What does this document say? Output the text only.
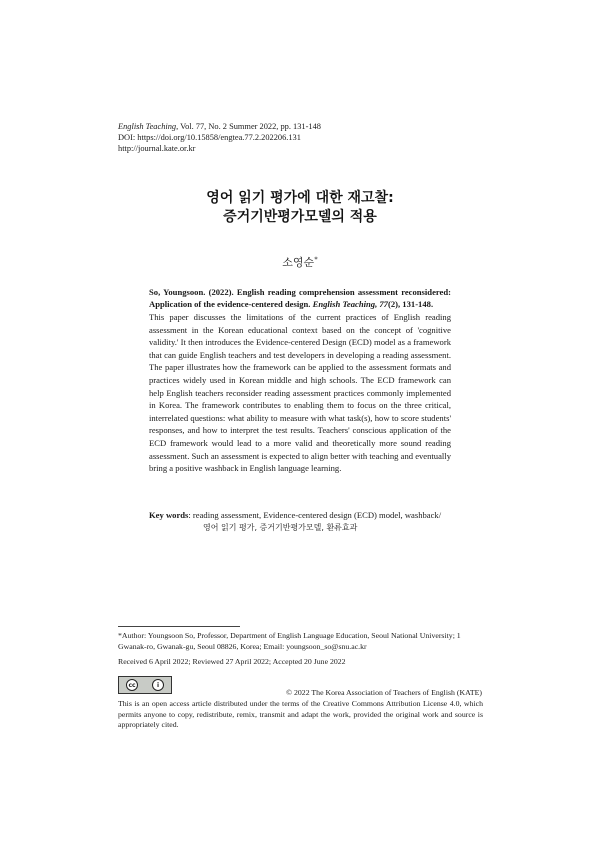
English Teaching, Vol. 77, No. 2 Summer 2022, pp. 131-148
DOI: https://doi.org/10.15858/engtea.77.2.202206.131
http://journal.kate.or.kr
영어 읽기 평가에 대한 재고찰:
증거기반평가모델의 적용
소영순*
So, Youngsoon. (2022). English reading comprehension assessment reconsidered: Application of the evidence-centered design. English Teaching, 77(2), 131-148.
This paper discusses the limitations of the current practices of English reading assessment in the Korean educational context based on the concept of 'cognitive validity.' It then introduces the Evidence-centered Design (ECD) model as a framework that can guide English teachers and test developers in developing a reading assessment. The paper illustrates how the framework can be applied to the assessment formats and practices widely used in Korean middle and high schools. The ECD framework can help English teachers reconsider reading assessment practices commonly implemented in Korea. The framework contributes to enabling them to focus on the three critical, interrelated questions: what ability to measure with what task(s), how to score students' responses, and how to interpret the test results. Teachers' conscious application of the ECD framework would lead to a more valid and theoretically more sound reading assessment. Such an assessment is expected to align better with teaching and eventually bring a positive washback in English language learning.
Key words: reading assessment, Evidence-centered design (ECD) model, washback/
영어 읽기 평가, 증거기반평가모델, 환류효과
*Author: Youngsoon So, Professor, Department of English Language Education, Seoul National University; 1 Gwanak-ro, Gwanak-gu, Seoul 08826, Korea; Email: youngsoon_so@snu.ac.kr
Received 6 April 2022; Reviewed 27 April 2022; Accepted 20 June 2022
cc	i
© 2022 The Korea Association of Teachers of English (KATE)
This is an open access article distributed under the terms of the Creative Commons Attribution License 4.0, which permits anyone to copy, redistribute, remix, transmit and adapt the work, provided the original work and source is appropriately cited.
